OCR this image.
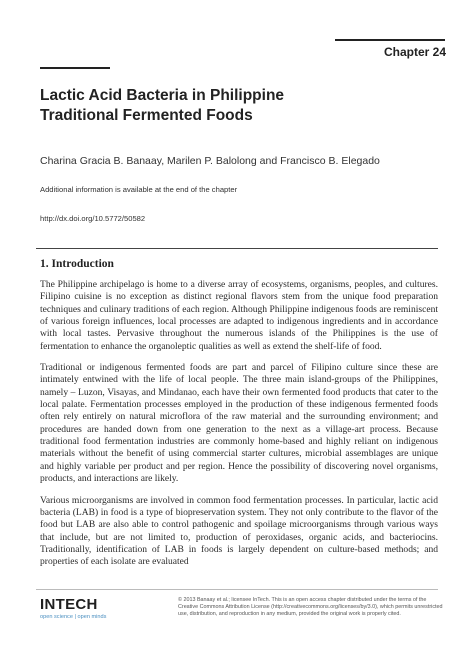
Chapter 24
Lactic Acid Bacteria in Philippine
Traditional Fermented Foods
Charina Gracia B. Banaay, Marilen P. Balolong and Francisco B. Elegado
Additional information is available at the end of the chapter
http://dx.doi.org/10.5772/50582
1. Introduction

The Philippine archipelago is home to a diverse array of ecosystems, organisms, peoples, and cultures. Filipino cuisine is no exception as distinct regional flavors stem from the unique food preparation techniques and culinary traditions of each region. Although Philippine indigenous foods are reminiscent of various foreign influences, local processes are adapted to indigenous ingredients and in accordance with local tastes. Pervasive throughout the numerous islands of the Philippines is the use of fermentation to enhance the organoleptic qualities as well as extend the shelf-life of food.

Traditional or indigenous fermented foods are part and parcel of Filipino culture since these are intimately entwined with the life of local people. The three main island-groups of the Philippines, namely – Luzon, Visayas, and Mindanao, each have their own fermented food products that cater to the local palate. Fermentation processes employed in the production of these indigenous fermented foods often rely entirely on natural microflora of the raw material and the surrounding environment; and procedures are handed down from one generation to the next as a village-art process. Because traditional food fermentation industries are commonly home-based and highly reliant on indigenous materials without the benefit of using commercial starter cultures, microbial assemblages are unique and highly variable per product and per region. Hence the possibility of discovering novel organisms, products, and interactions are likely.

Various microorganisms are involved in common food fermentation processes. In particular, lactic acid bacteria (LAB) in food is a type of biopreservation system. They not only contribute to the flavor of the food but LAB are also able to control pathogenic and spoilage microorganisms through various ways that include, but are not limited to, production of peroxidases, organic acids, and bacteriocins. Traditionally, identification of LAB in foods is largely dependent on culture-based methods; and properties of each isolate are evaluated

INTECH
open science | open minds
© 2013 Banaay et al.; licensee InTech. This is an open access chapter distributed under the terms of the Creative Commons Attribution License (http://creativecommons.org/licenses/by/3.0), which permits unrestricted use, distribution, and reproduction in any medium, provided the original work is properly cited.
